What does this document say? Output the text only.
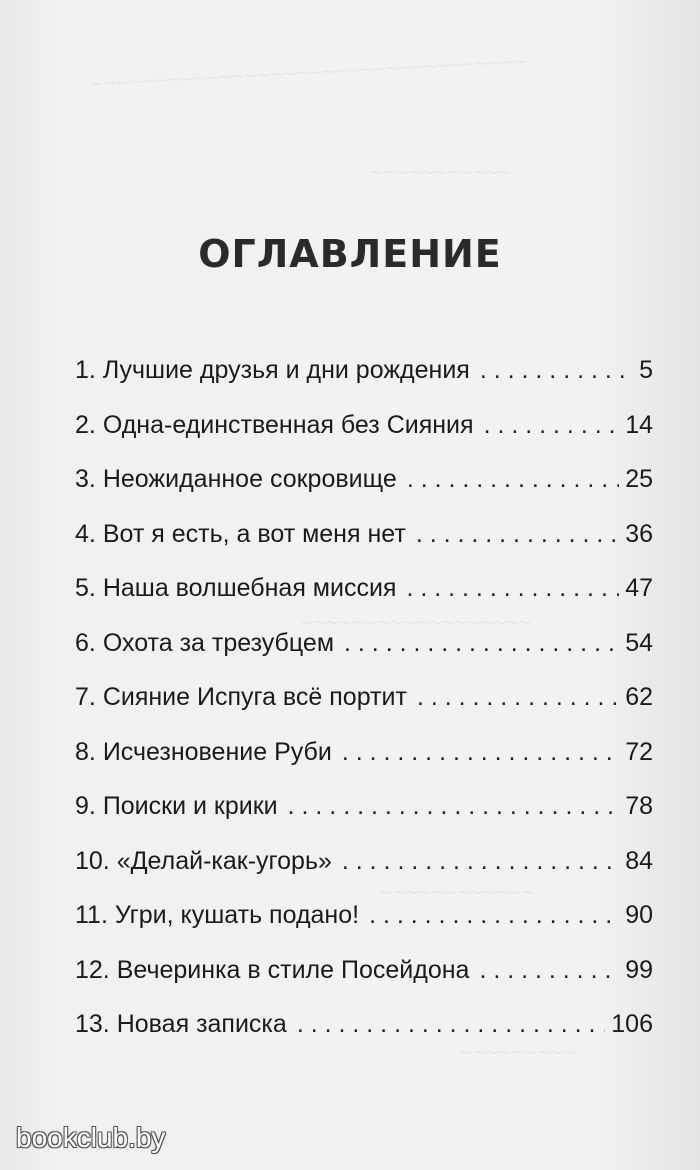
~~~~~~~~~~~~~~~~~~~~~~~~~~~~~~~~~~
~~~~~~~~~~~
~~~~~~~~~~~~~~~~~~
~~~~~~~~~~~~
~~~~~~~~~
ОГЛАВЛЕНИЕ
1. Лучшие друзья и дни рождения . . .	5
2. Одна-единственная без Сияния . . .	14
3. Неожиданное сокровище . . .	25
4. Вот я есть, а вот меня нет . . .	36
5. Наша волшебная миссия . . .	47
6. Охота за трезубцем . . .	54
7. Сияние Испуга всё портит . . .	62
8. Исчезновение Руби . . .	72
9. Поиски и крики . . .	78
10. «Делай-как-угорь» . . .	84
11. Угри, кушать подано! . . .	90
12. Вечеринка в стиле Посейдона . . .	99
13. Новая записка . . .	106
bookclub.by
